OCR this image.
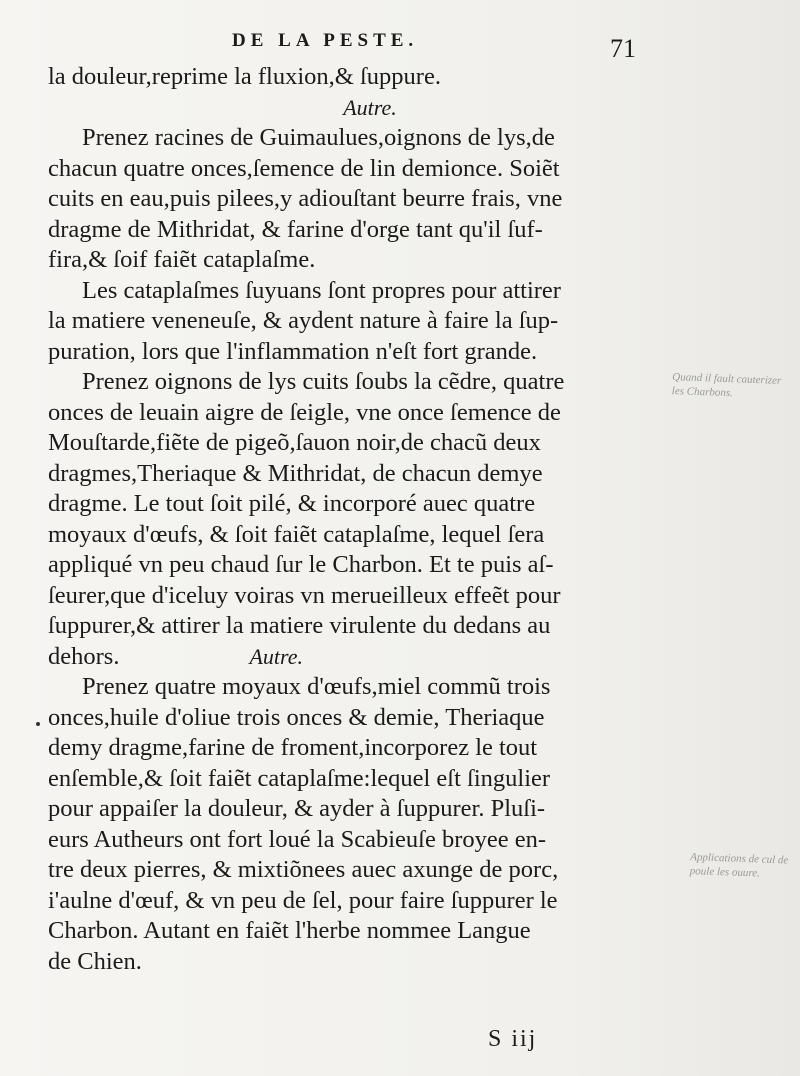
DE LA PESTE.	71
la douleur,reprime la fluxion,& ſuppure.
Autre.
Prenez racines de Guimaulues,oignons de lys,de
chacun quatre onces,ſemence de lin demionce. Soiẽt
cuits en eau,puis pilees,y adiouſtant beurre frais, vne
dragme de Mithridat, & farine d'orge tant qu'il ſuf-
fira,& ſoif faiẽt cataplaſme.
Les cataplaſmes ſuyuans ſont propres pour attirer
la matiere veneneuſe, & aydent nature à faire la ſup-
puration, lors que l'inflammation n'eſt fort grande.
Prenez oignons de lys cuits ſoubs la cẽdre, quatre
onces de leuain aigre de ſeigle, vne once ſemence de
Mouſtarde,fiẽte de pigeõ,ſauon noir,de chacũ deux
dragmes,Theriaque & Mithridat, de chacun demye
dragme. Le tout ſoit pilé, & incorporé auec quatre
moyaux d'œufs, & ſoit faiẽt cataplaſme, lequel ſera
appliqué vn peu chaud ſur le Charbon. Et te puis aſ-
ſeurer,que d'iceluy voiras vn merueilleux effeẽt pour
ſuppurer,& attirer la matiere virulente du dedans au
dehors.	Autre.
Prenez quatre moyaux d'œufs,miel commũ trois
onces,huile d'oliue trois onces & demie, Theriaque
demy dragme,farine de froment,incorporez le tout
enſemble,& ſoit faiẽt cataplaſme:lequel eſt ſingulier
pour appaiſer la douleur, & ayder à ſuppurer. Pluſi-
eurs Autheurs ont fort loué la Scabieuſe broyee en-
tre deux pierres, & mixtiõnees auec axunge de porc,
i'aulne d'œuf, & vn peu de ſel, pour faire ſuppurer le
Charbon. Autant en faiẽt l'herbe nommee Langue
de Chien.
Quand il fault cauterizer les Charbons.
Applications de cul de poule les ouure.
S iij
